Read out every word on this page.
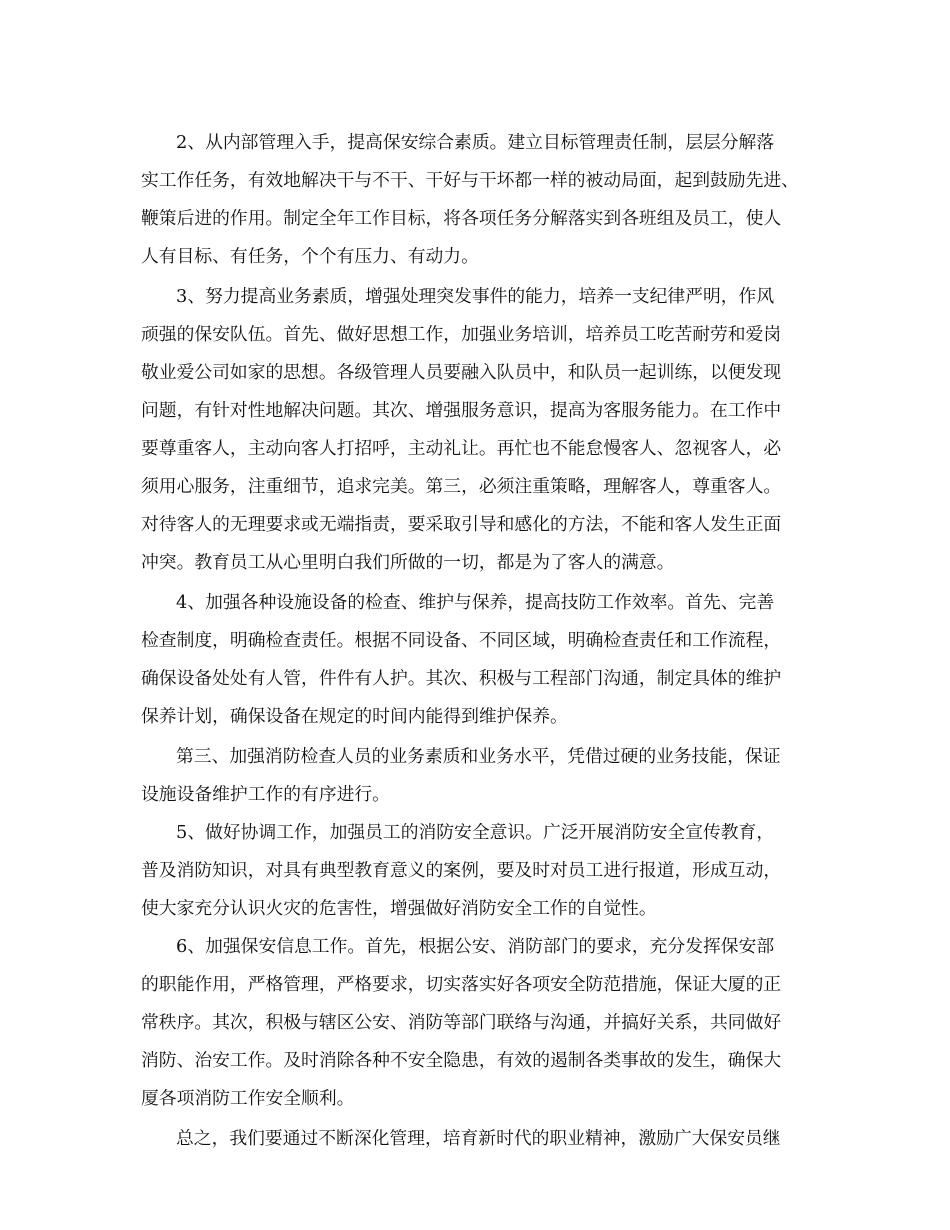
2、从内部管理入手，提高保安综合素质。建立目标管理责任制，层层分解落
实工作任务，有效地解决干与不干、干好与干坏都一样的被动局面，起到鼓励先进、
鞭策后进的作用。制定全年工作目标，将各项任务分解落实到各班组及员工，使人
人有目标、有任务，个个有压力、有动力。
3、努力提高业务素质，增强处理突发事件的能力，培养一支纪律严明，作风
顽强的保安队伍。首先、做好思想工作，加强业务培训，培养员工吃苦耐劳和爱岗
敬业爱公司如家的思想。各级管理人员要融入队员中，和队员一起训练，以便发现
问题，有针对性地解决问题。其次、增强服务意识，提高为客服务能力。在工作中
要尊重客人，主动向客人打招呼，主动礼让。再忙也不能怠慢客人、忽视客人，必
须用心服务，注重细节，追求完美。第三，必须注重策略，理解客人，尊重客人。
对待客人的无理要求或无端指责，要采取引导和感化的方法，不能和客人发生正面
冲突。教育员工从心里明白我们所做的一切，都是为了客人的满意。
4、加强各种设施设备的检查、维护与保养，提高技防工作效率。首先、完善
检查制度，明确检查责任。根据不同设备、不同区域，明确检查责任和工作流程，
确保设备处处有人管，件件有人护。其次、积极与工程部门沟通，制定具体的维护
保养计划，确保设备在规定的时间内能得到维护保养。
第三、加强消防检查人员的业务素质和业务水平，凭借过硬的业务技能，保证
设施设备维护工作的有序进行。
5、做好协调工作，加强员工的消防安全意识。广泛开展消防安全宣传教育，
普及消防知识，对具有典型教育意义的案例，要及时对员工进行报道，形成互动，
使大家充分认识火灾的危害性，增强做好消防安全工作的自觉性。
6、加强保安信息工作。首先，根据公安、消防部门的要求，充分发挥保安部
的职能作用，严格管理，严格要求，切实落实好各项安全防范措施，保证大厦的正
常秩序。其次，积极与辖区公安、消防等部门联络与沟通，并搞好关系，共同做好
消防、治安工作。及时消除各种不安全隐患，有效的遏制各类事故的发生，确保大
厦各项消防工作安全顺利。
总之，我们要通过不断深化管理，培育新时代的职业精神，激励广大保安员继
